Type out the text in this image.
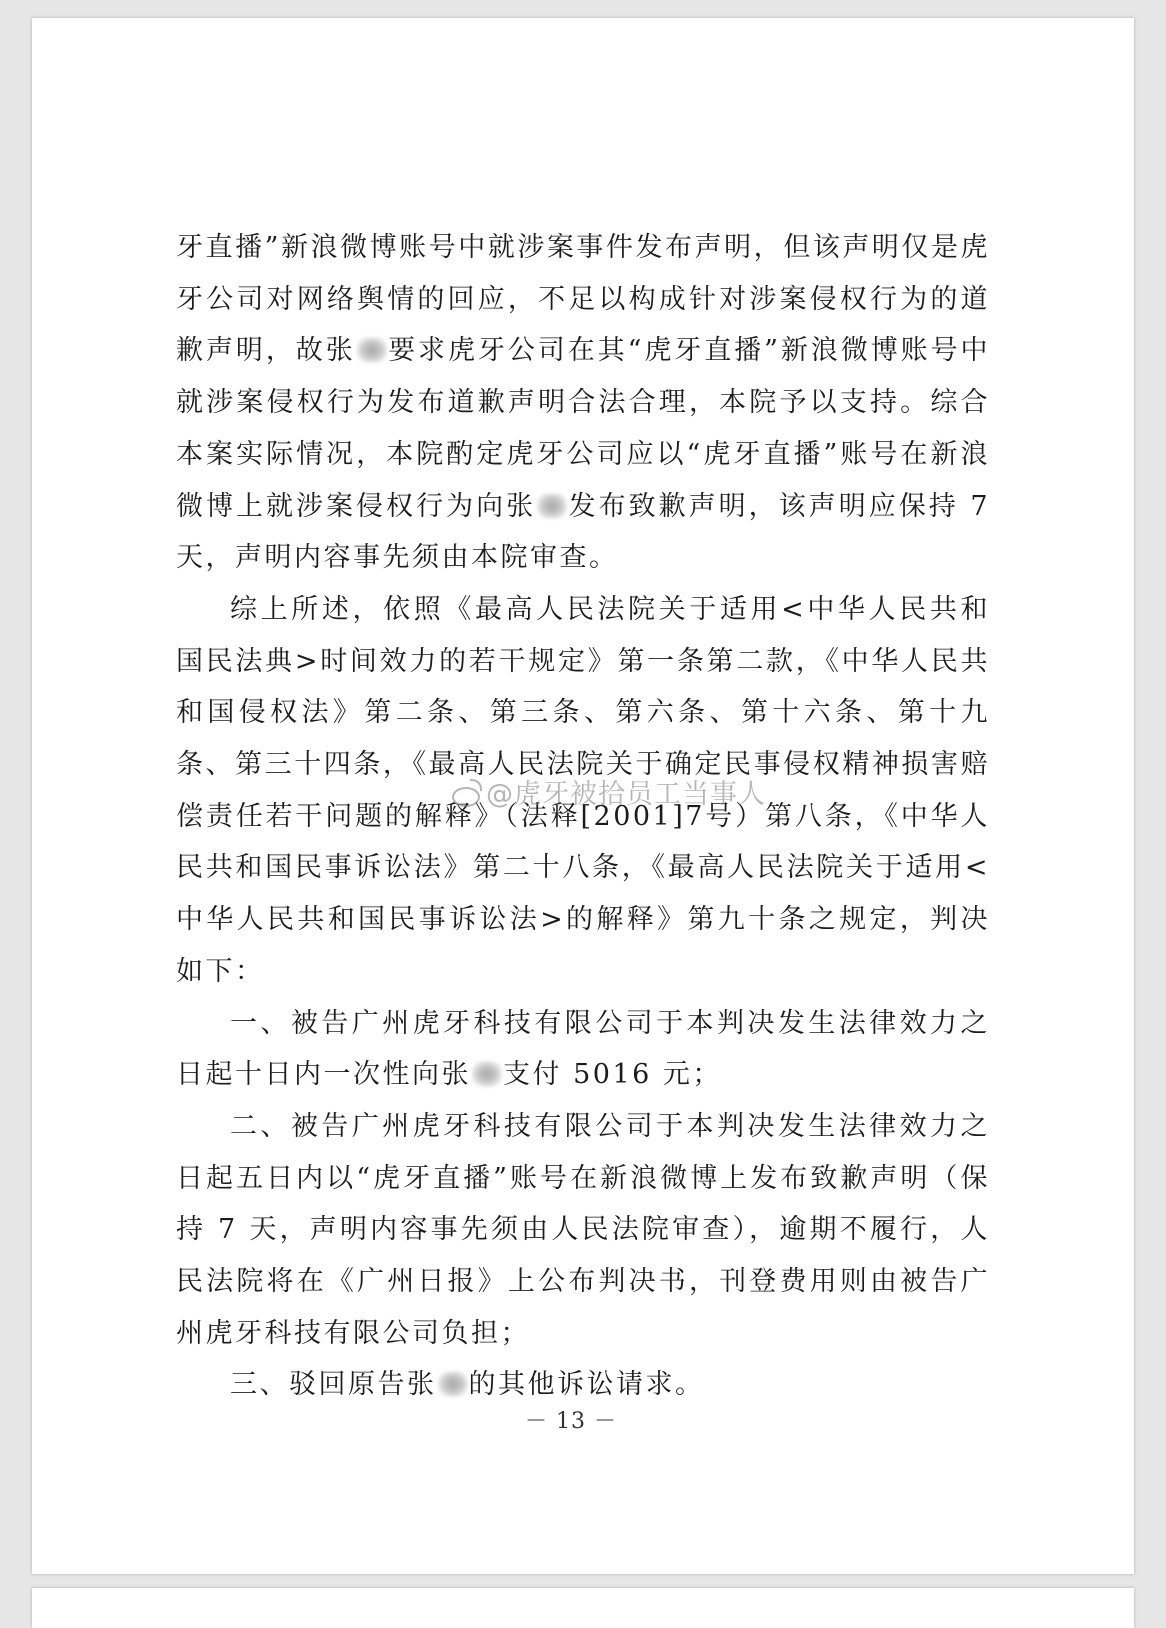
牙直播”新浪微博账号中就涉案事件发布声明，但该声明仅是虎牙公司对网络舆情的回应，不足以构成针对涉案侵权行为的道歉声明，故张 要求虎牙公司在其“虎牙直播”新浪微博账号中就涉案侵权行为发布道歉声明合法合理，本院予以支持。综合本案实际情况，本院酌定虎牙公司应以“虎牙直播”账号在新浪微博上就涉案侵权行为向张 发布致歉声明，该声明应保持 7 天，声明内容事先须由本院审查。

综上所述，依照《最高人民法院关于适用<中华人民共和国民法典>时间效力的若干规定》第一条第二款，《中华人民共和国侵权法》第二条、第三条、第六条、第十六条、第十九条、第三十四条，《最高人民法院关于确定民事侵权精神损害赔偿责任若干问题的解释》（法释[2001]7号）第八条，《中华人民共和国民事诉讼法》第二十八条，《最高人民法院关于适用<中华人民共和国民事诉讼法>的解释》第九十条之规定，判决如下：

一、被告广州虎牙科技有限公司于本判决发生法律效力之日起十日内一次性向张 支付 5016 元；

二、被告广州虎牙科技有限公司于本判决发生法律效力之日起五日内以“虎牙直播”账号在新浪微博上发布致歉声明（保持 7 天，声明内容事先须由人民法院审查），逾期不履行，人民法院将在《广州日报》上公布判决书，刊登费用则由被告广州虎牙科技有限公司负担；

三、驳回原告张 的其他诉讼请求。

@虎牙被拾员工当事人
－ 13 －
